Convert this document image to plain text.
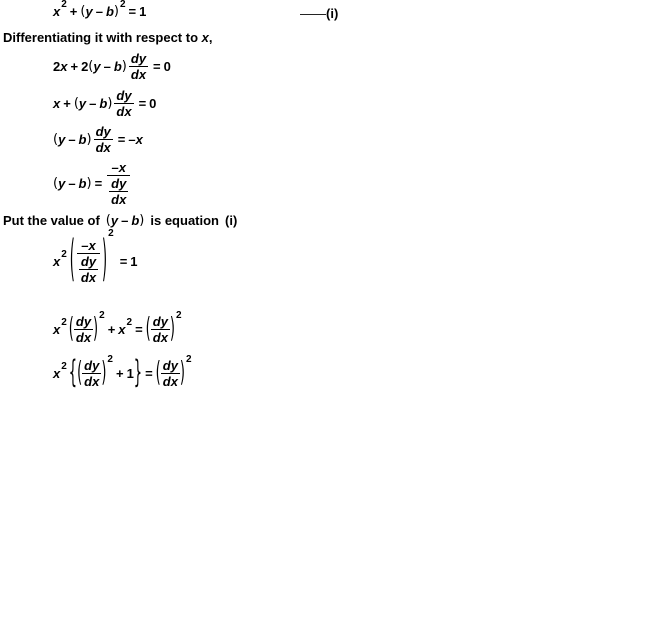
x 2 + ( y – b ) 2 = 1	——(i)
Differentiating it with respect to x,
2 x + 2 ( y – b ) $\frac{dy}{dx} = 0$
x + ( y – b ) $\frac{dy}{dx} = 0$
( y – b ) $\frac{dy}{dx} = -x$
( y – b ) = $\frac{-x}{\frac{dy}{dx}}$
Put the value of ( y – b ) is equation (i)
x 2 ( $\frac{-x}{\frac{dy}{dx}}$ ) 2
= 1
x 2 ( $\frac{dy}{dx}$ ) 2
+ x 2 = ( $\frac{dy}{dx}$ ) 2
x 2 { ( $\frac{dy}{dx}$ ) 2
+ 1 } = ( $\frac{dy}{dx}$ ) 2
